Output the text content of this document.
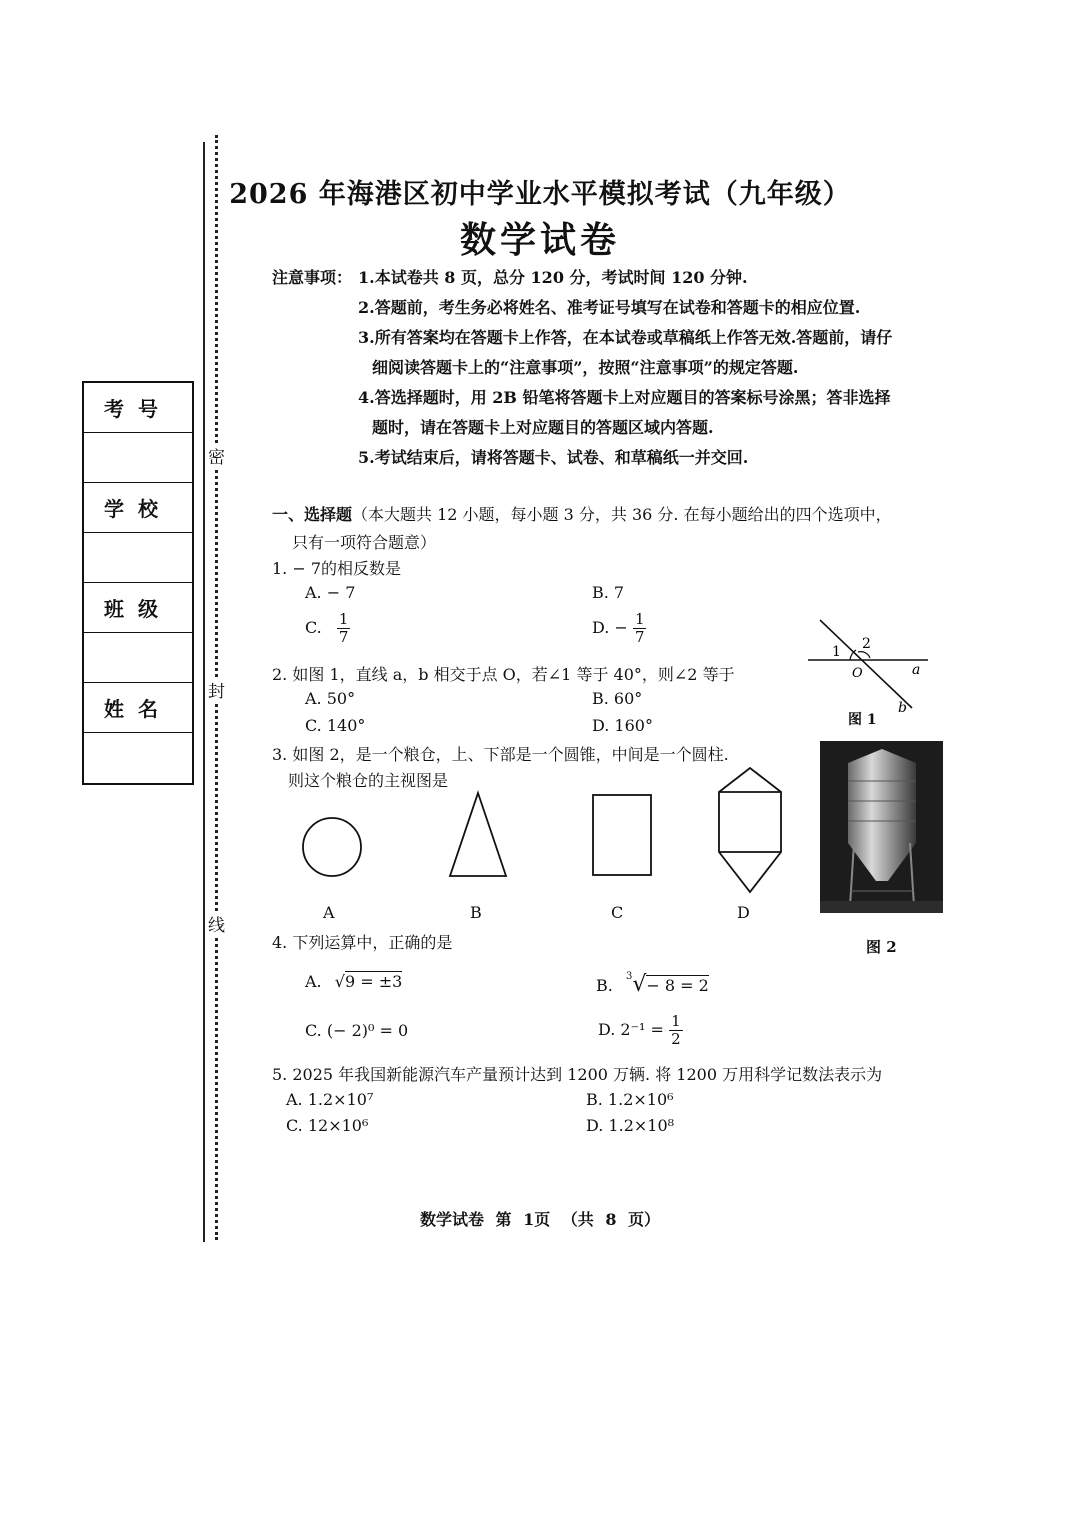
密
封
线
考号
学校
班级
姓名
2026 年海港区初中学业水平模拟考试（九年级）
数学试卷
注意事项： 1.本试卷共 8 页，总分 120 分，考试时间 120 分钟.
2.答题前，考生务必将姓名、准考证号填写在试卷和答题卡的相应位置.
3.所有答案均在答题卡上作答，在本试卷或草稿纸上作答无效.答题前，请仔
细阅读答题卡上的“注意事项”，按照“注意事项”的规定答题.
4.答选择题时，用 2B 铅笔将答题卡上对应题目的答案标号涂黑；答非选择
题时，请在答题卡上对应题目的答题区域内答题.
5.考试结束后，请将答题卡、试卷、和草稿纸一并交回.
一、选择题（本大题共 12 小题，每小题 3 分，共 36 分. 在每小题给出的四个选项中，
只有一项符合题意）
1. − 7的相反数是
A. − 7	B. 7
C. $\frac{1}{7}$	D. − $\frac{1}{7}$
1 2
O	a
b
图 1
2. 如图 1，直线 a，b 相交于点 O，若∠1 等于 40°，则∠2 等于
A. 50°	B. 60°
C. 140°	D. 160°
3. 如图 2，是一个粮仓，上、下部是一个圆锥，中间是一个圆柱.
则这个粮仓的主视图是
A	B	C	D
图 2
4. 下列运算中，正确的是
A. √9 = ±3	B. $^3$√− 8 = 2
C. (− 2)⁰ = 0	D. $2^{-1} = \frac{1}{2}$
5. 2025 年我国新能源汽车产量预计达到 1200 万辆. 将 1200 万用科学记数法表示为
A. 1.2×10⁷	B. 1.2×10⁶
C. 12×10⁶	D. 1.2×10⁸
数学试卷 第 1页 （共 8 页）
